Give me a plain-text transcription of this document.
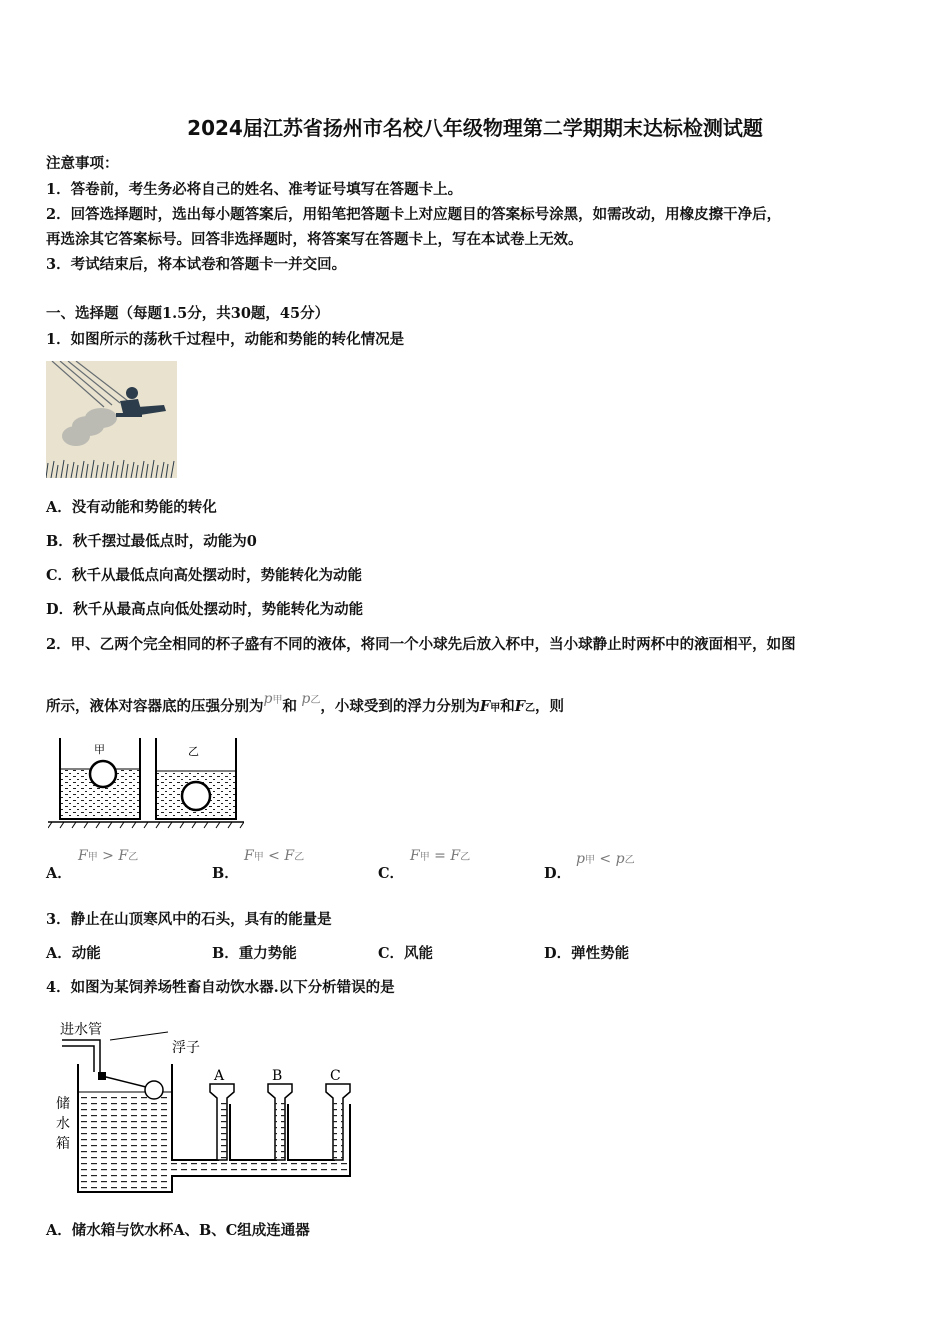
2024届江苏省扬州市名校八年级物理第二学期期末达标检测试题
注意事项：
1．答卷前，考生务必将自己的姓名、准考证号填写在答题卡上。
2．回答选择题时，选出每小题答案后，用铅笔把答题卡上对应题目的答案标号涂黑，如需改动，用橡皮擦干净后，
再选涂其它答案标号。回答非选择题时，将答案写在答题卡上，写在本试卷上无效。
3．考试结束后，将本试卷和答题卡一并交回。
一、选择题（每题1.5分，共30题，45分）
1．如图所示的荡秋千过程中，动能和势能的转化情况是
A．没有动能和势能的转化
B．秋千摆过最低点时，动能为0
C．秋千从最低点向高处摆动时，势能转化为动能
D．秋千从最高点向低处摆动时，势能转化为动能
2．甲、乙两个完全相同的杯子盛有不同的液体，将同一个小球先后放入杯中，当小球静止时两杯中的液面相平，如图
所示，液体对容器底的压强分别为p甲和 p乙，小球受到的浮力分别为F甲和F乙，则
甲	乙
A．
F甲 > F乙
B．
F甲 < F乙
C．
F甲 = F乙
D．
p甲 < p乙
3．静止在山顶寒风中的石头，具有的能量是
A．动能	B．重力势能	C．风能	D．弹性势能
4．如图为某饲养场牲畜自动饮水器.以下分析错误的是
进水管
浮子
储
水
箱
A	B	C
A．储水箱与饮水杯A、B、C组成连通器
